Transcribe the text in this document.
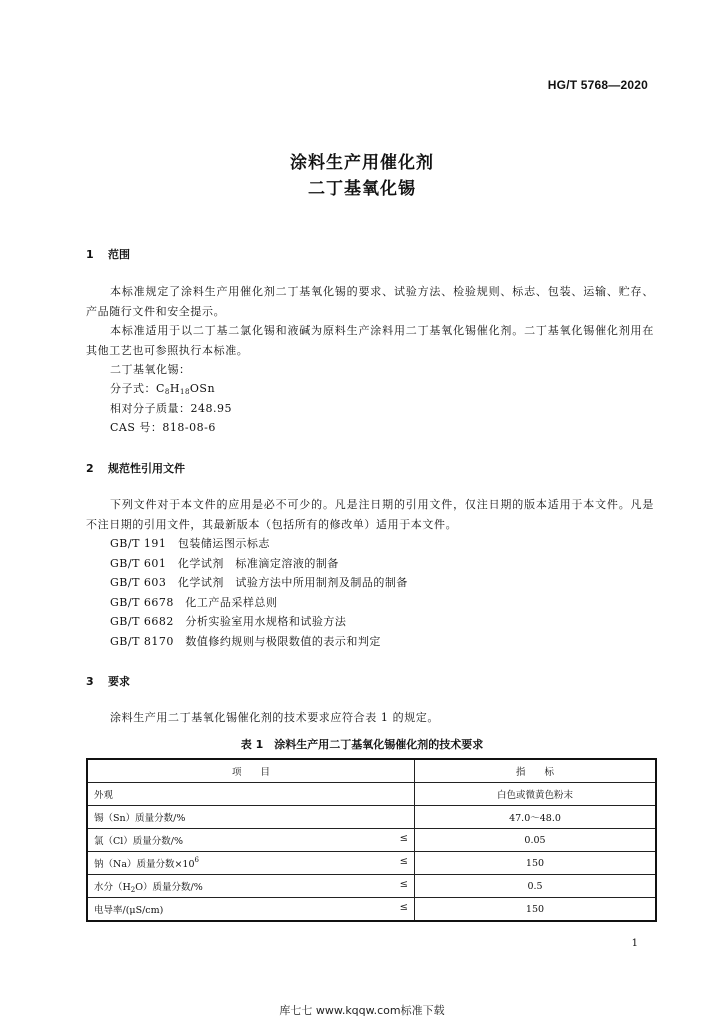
HG/T 5768—2020
涂料生产用催化剂
二丁基氧化锡
1 范围
本标准规定了涂料生产用催化剂二丁基氧化锡的要求、试验方法、检验规则、标志、包装、运输、贮存、产品随行文件和安全提示。
本标准适用于以二丁基二氯化锡和液碱为原料生产涂料用二丁基氧化锡催化剂。二丁基氧化锡催化剂用在其他工艺也可参照执行本标准。
二丁基氧化锡：
分子式：$C_8H_{18}OSn$
相对分子质量：248.95
CAS 号：818-08-6
2 规范性引用文件
下列文件对于本文件的应用是必不可少的。凡是注日期的引用文件，仅注日期的版本适用于本文件。凡是不注日期的引用文件，其最新版本（包括所有的修改单）适用于本文件。
GB/T 191　包装储运图示标志
GB/T 601　化学试剂　标准滴定溶液的制备
GB/T 603　化学试剂　试验方法中所用制剂及制品的制备
GB/T 6678　化工产品采样总则
GB/T 6682　分析实验室用水规格和试验方法
GB/T 8170　数值修约规则与极限数值的表示和判定
3 要求
涂料生产用二丁基氧化锡催化剂的技术要求应符合表 1 的规定。
表 1　涂料生产用二丁基氧化锡催化剂的技术要求
项　　目	指　　标
外观	白色或微黄色粉末
锡（Sn）质量分数/%	47.0～48.0
氯（Cl）质量分数/% ≤	0.05
钠（Na）质量分数$\times 10^6$ ≤	150
水分$(H_2O)$质量分数/% ≤	0.5
电导率/(μS/cm) ≤	150
1
库七七 www.kqqw.com标准下载
